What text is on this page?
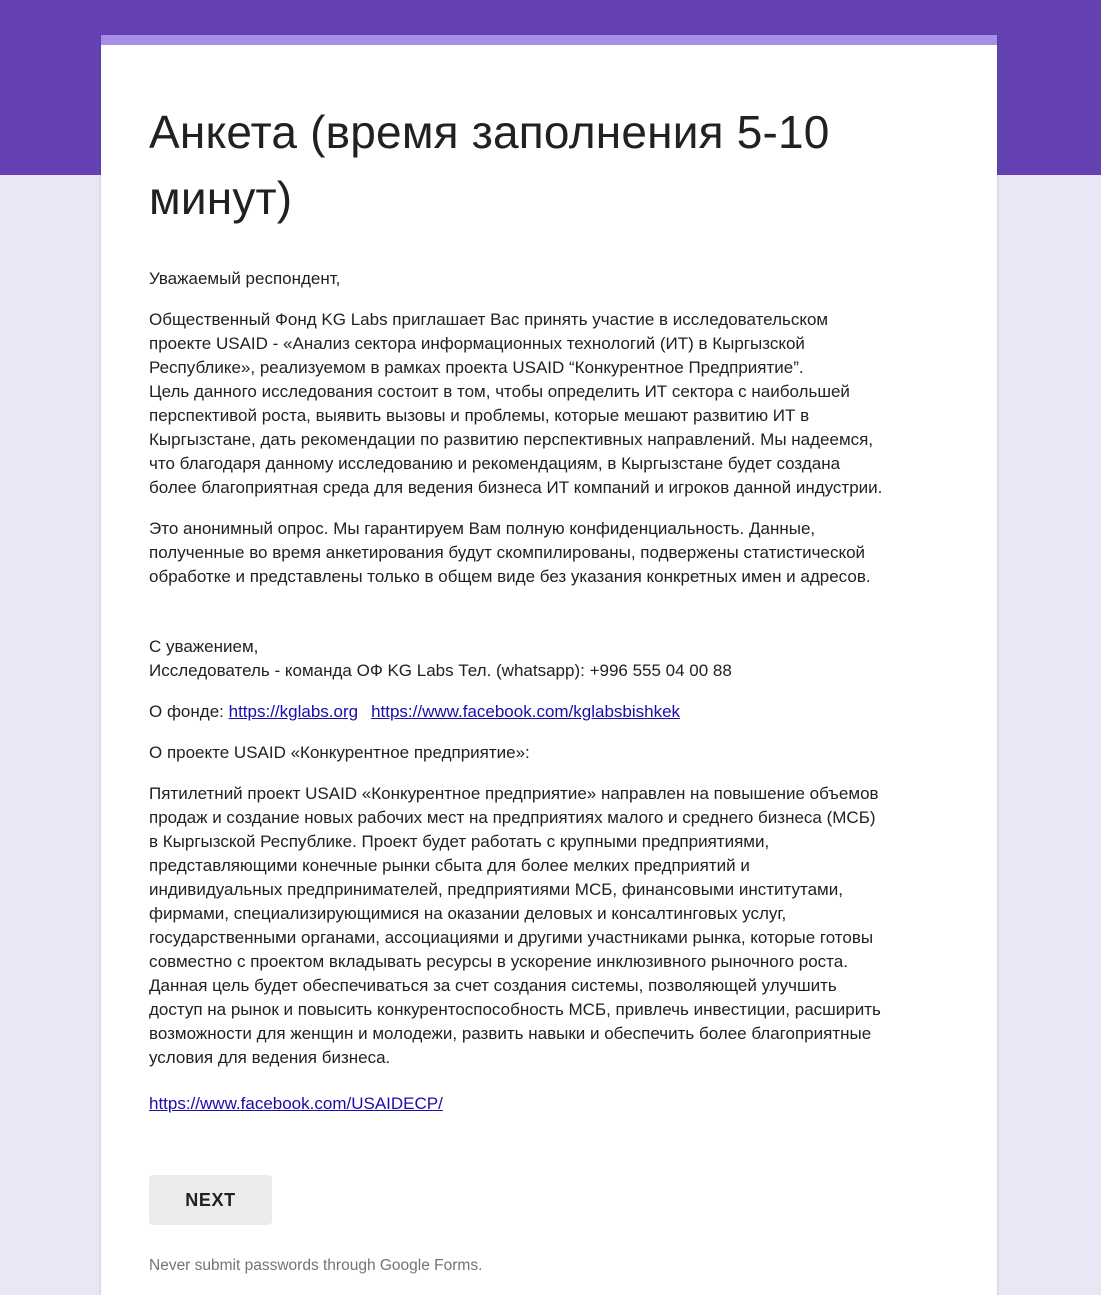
Анкета (время заполнения 5-10 минут)

Уважаемый респондент,

Общественный Фонд KG Labs приглашает Вас принять участие в исследовательском
проекте USAID - «Анализ сектора информационных технологий (ИТ) в Кыргызской
Республике», реализуемом в рамках проекта USAID “Конкурентное Предприятие”.
Цель данного исследования состоит в том, чтобы определить ИТ сектора с наибольшей
перспективой роста, выявить вызовы и проблемы, которые мешают развитию ИТ в
Кыргызстане, дать рекомендации по развитию перспективных направлений. Мы надеемся,
что благодаря данному исследованию и рекомендациям, в Кыргызстане будет создана
более благоприятная среда для ведения бизнеса ИТ компаний и игроков данной индустрии.

Это анонимный опрос. Мы гарантируем Вам полную конфиденциальность. Данные,
полученные во время анкетирования будут скомпилированы, подвержены статистической
обработке и представлены только в общем виде без указания конкретных имен и адресов.

С уважением,
Исследователь - команда ОФ KG Labs Тел. (whatsapp): +996 555 04 00 88

О фонде: https://kglabs.org https://www.facebook.com/kglabsbishkek

О проекте USAID «Конкурентное предприятие»:

Пятилетний проект USAID «Конкурентное предприятие» направлен на повышение объемов
продаж и создание новых рабочих мест на предприятиях малого и среднего бизнеса (МСБ)
в Кыргызской Республике. Проект будет работать с крупными предприятиями,
представляющими конечные рынки сбыта для более мелких предприятий и
индивидуальных предпринимателей, предприятиями МСБ, финансовыми институтами,
фирмами, специализирующимися на оказании деловых и консалтинговых услуг,
государственными органами, ассоциациями и другими участниками рынка, которые готовы
совместно с проектом вкладывать ресурсы в ускорение инклюзивного рыночного роста.
Данная цель будет обеспечиваться за счет создания системы, позволяющей улучшить
доступ на рынок и повысить конкурентоспособность МСБ, привлечь инвестиции, расширить
возможности для женщин и молодежи, развить навыки и обеспечить более благоприятные
условия для ведения бизнеса.

https://www.facebook.com/USAIDECP/

NEXT
Never submit passwords through Google Forms.
